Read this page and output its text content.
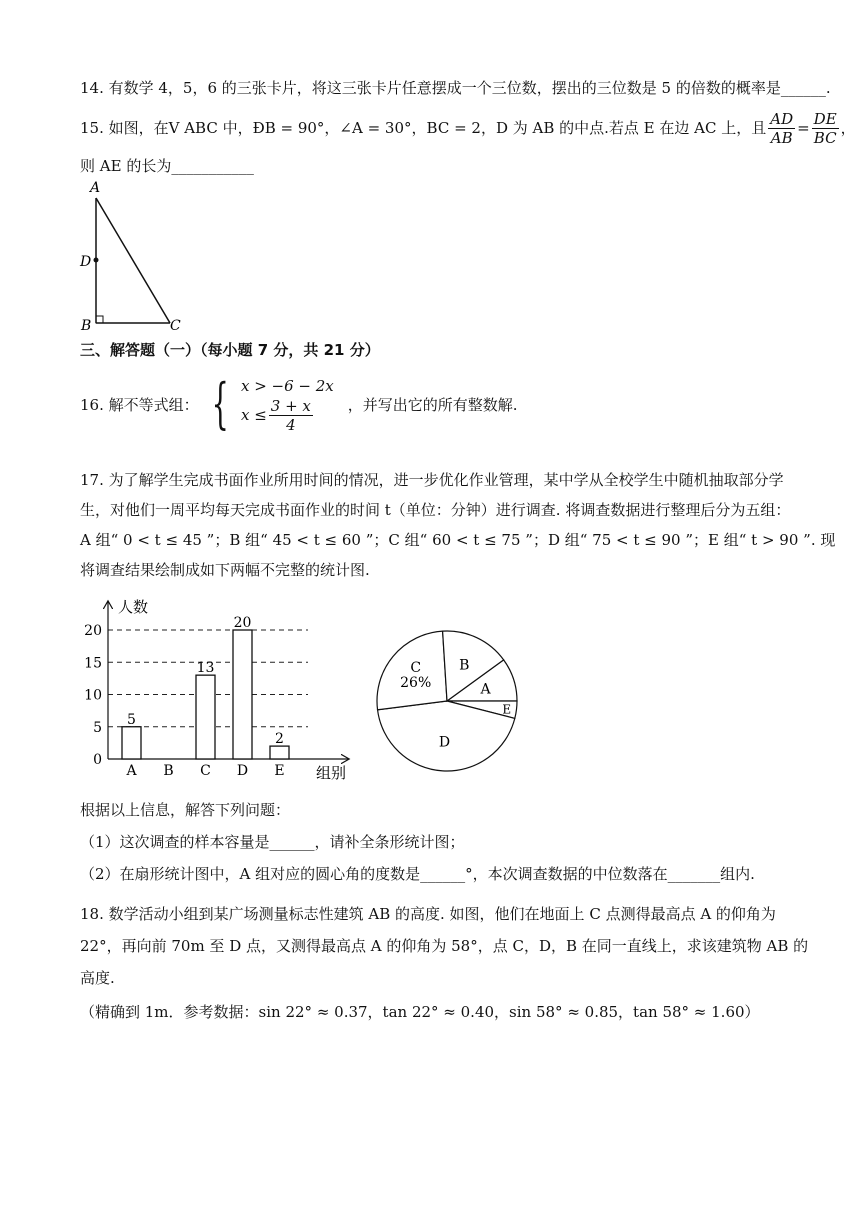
14. 有数学 4，5，6 的三张卡片，将这三张卡片任意摆成一个三位数，摆出的三位数是 5 的倍数的概率是______.
15. 如图，在V ABC 中，ÐB = 90°，∠A = 30°，BC = 2，D 为 AB 的中点.若点 E 在边 AC 上，且 $\frac{AD}{AB} = \frac{DE}{BC}$ ，
则 AE 的长为___________
A
D
B	C
三、解答题（一）（每小题 7 分，共 21 分）
16. 解不等式组： { x > −6 − 2x
$x \le \frac{3 + x}{4}$ ，并写出它的所有整数解.
17. 为了解学生完成书面作业所用时间的情况，进一步优化作业管理，某中学从全校学生中随机抽取部分学
生，对他们一周平均每天完成书面作业的时间 t（单位：分钟）进行调查. 将调查数据进行整理后分为五组：
A 组“ 0 < t ≤ 45 ”；B 组“ 45 < t ≤ 60 ”；C 组“ 60 < t ≤ 75 ”；D 组“ 75 < t ≤ 90 ”；E 组“ t > 90 ”. 现
将调查结果绘制成如下两幅不完整的统计图.
人数
组别
0
5
10
15
20
A B C D E
5
13
20
2
A
E
D
C
26%
B
根据以上信息，解答下列问题：
（1）这次调查的样本容量是______，请补全条形统计图；
（2）在扇形统计图中，A 组对应的圆心角的度数是______°，本次调查数据的中位数落在_______组内.
18. 数学活动小组到某广场测量标志性建筑 AB 的高度. 如图，他们在地面上 C 点测得最高点 A 的仰角为
22°，再向前 70m 至 D 点，又测得最高点 A 的仰角为 58°，点 C，D，B 在同一直线上，求该建筑物 AB 的
高度.
（精确到 1m．参考数据：sin 22° ≈ 0.37，tan 22° ≈ 0.40，sin 58° ≈ 0.85，tan 58° ≈ 1.60）
